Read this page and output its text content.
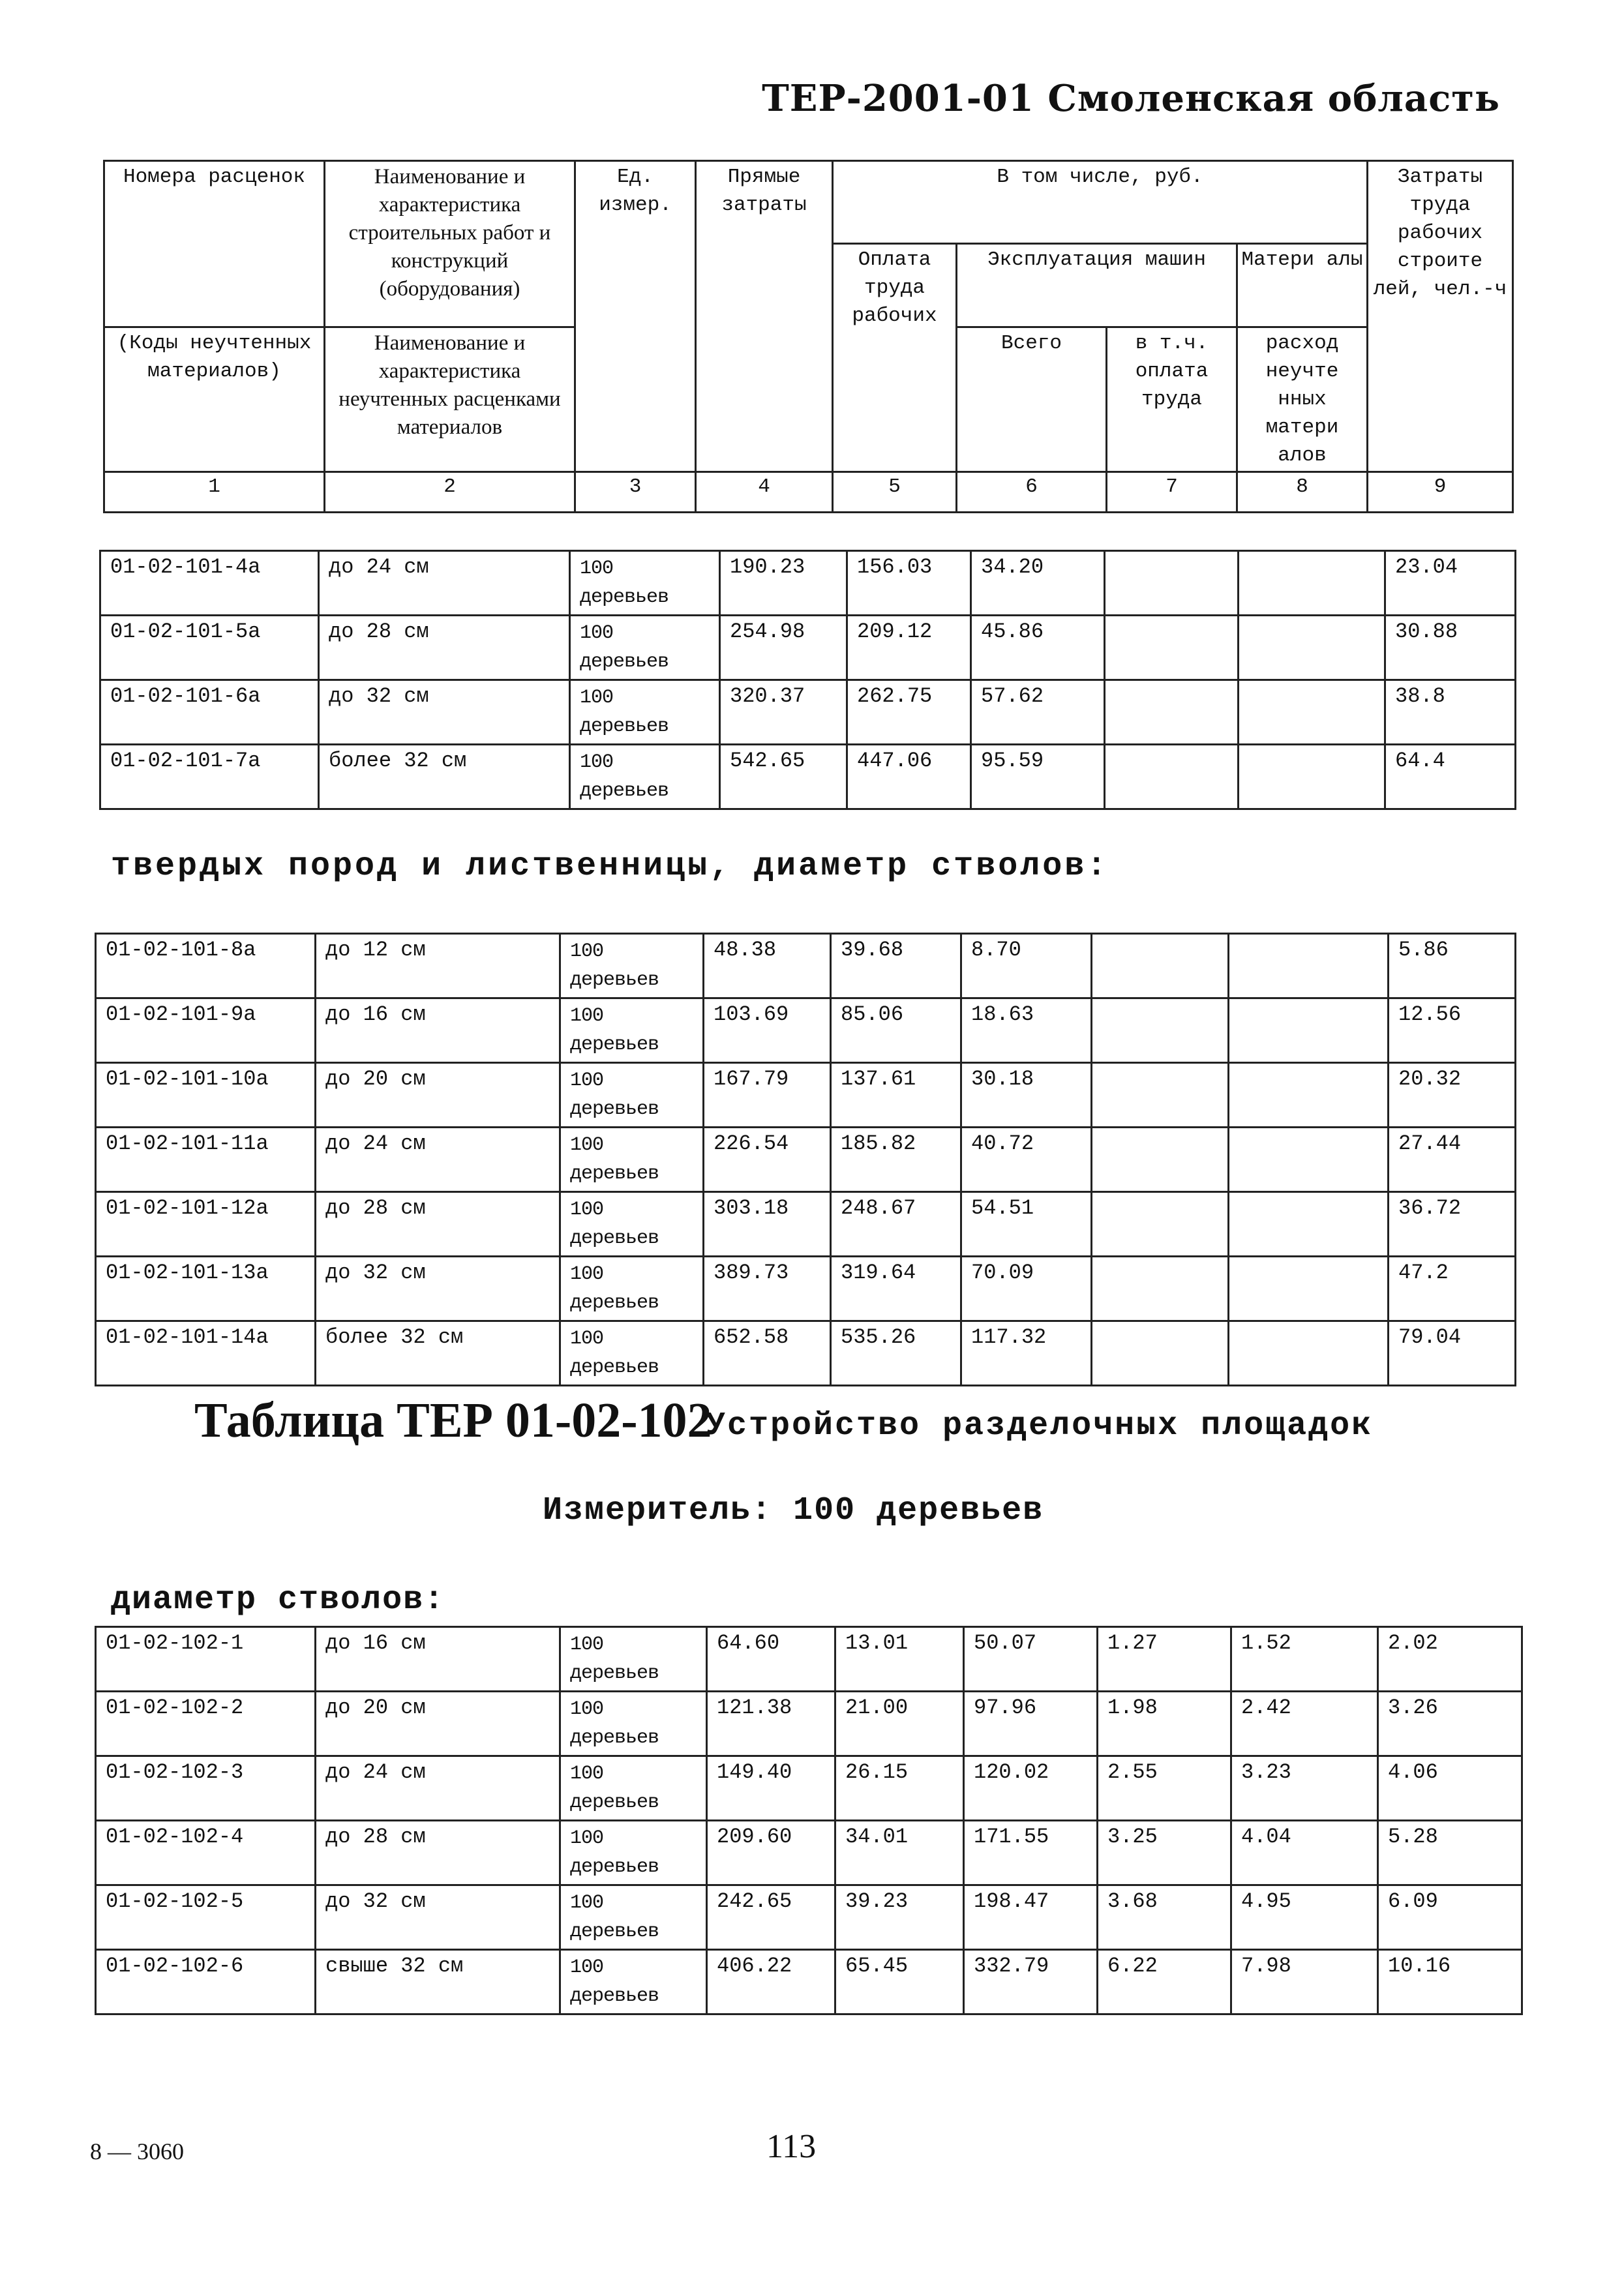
ТЕР-2001-01 Смоленская область
Номера расценок	Наименование и характеристика строительных работ и конструкций (оборудования)	Ед. измер.	Прямые затраты	В том числе, руб.				Затраты труда рабочих строите лей, чел.-ч
				Оплата труда рабочих	Эксплуатация машин		Матери алы	
(Коды неучтенных материалов)	Наименование и характеристика неучтенных расценками материалов				Всего	в т.ч. оплата труда	расход неучте нных матери алов	
1	2	3	4	5	6	7	8	9
01-02-101-4a	до 24 см	100 деревьев	190.23	156.03	34.20			23.04
01-02-101-5a	до 28 см	100 деревьев	254.98	209.12	45.86			30.88
01-02-101-6a	до 32 см	100 деревьев	320.37	262.75	57.62			38.8
01-02-101-7a	более 32 см	100 деревьев	542.65	447.06	95.59			64.4
твердых пород и лиственницы, диаметр стволов:
01-02-101-8a	до 12 см	100 деревьев	48.38	39.68	8.70			5.86
01-02-101-9a	до 16 см	100 деревьев	103.69	85.06	18.63			12.56
01-02-101-10a	до 20 см	100 деревьев	167.79	137.61	30.18			20.32
01-02-101-11a	до 24 см	100 деревьев	226.54	185.82	40.72			27.44
01-02-101-12a	до 28 см	100 деревьев	303.18	248.67	54.51			36.72
01-02-101-13a	до 32 см	100 деревьев	389.73	319.64	70.09			47.2
01-02-101-14a	более 32 см	100 деревьев	652.58	535.26	117.32			79.04
Таблица ТЕР 01-02-102
Устройство разделочных площадок
Измеритель: 100 деревьев
диаметр стволов:
01-02-102-1	до 16 см	100 деревьев	64.60	13.01	50.07	1.27	1.52	2.02
01-02-102-2	до 20 см	100 деревьев	121.38	21.00	97.96	1.98	2.42	3.26
01-02-102-3	до 24 см	100 деревьев	149.40	26.15	120.02	2.55	3.23	4.06
01-02-102-4	до 28 см	100 деревьев	209.60	34.01	171.55	3.25	4.04	5.28
01-02-102-5	до 32 см	100 деревьев	242.65	39.23	198.47	3.68	4.95	6.09
01-02-102-6	свыше 32 см	100 деревьев	406.22	65.45	332.79	6.22	7.98	10.16
8 — 3060	113
